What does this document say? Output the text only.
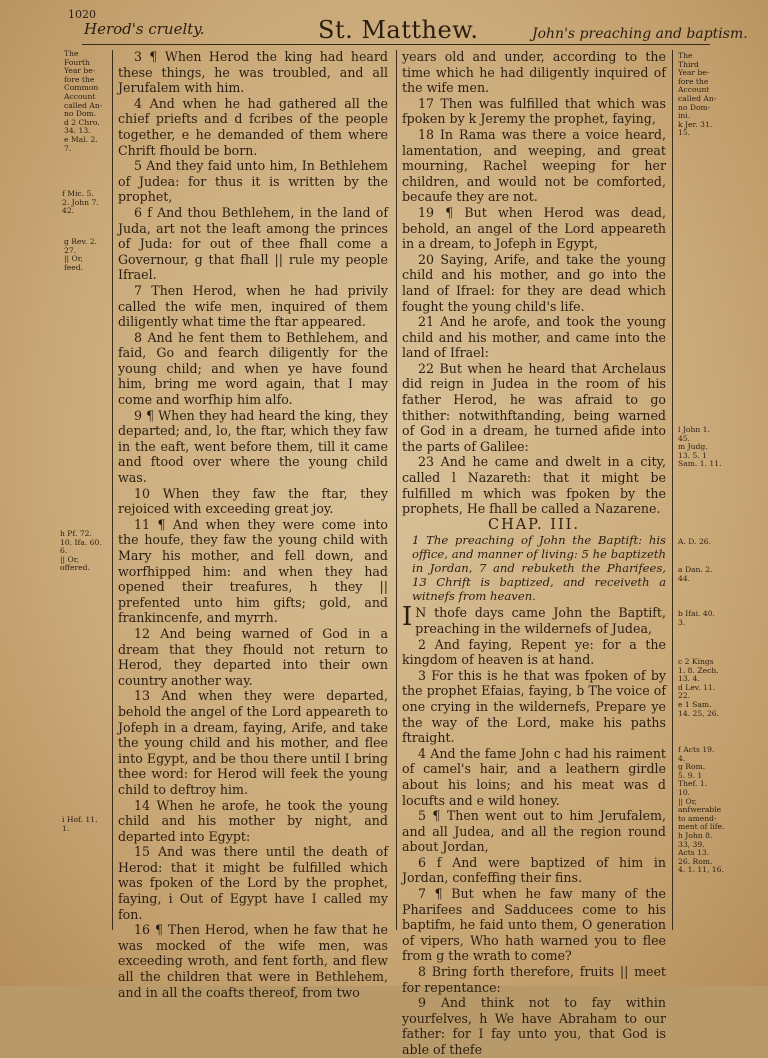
1020
Herod's cruelty.	St. Matthew.	John's preaching and baptism.
The
Fourth
Year be-
fore the
Common
Account
called An-
no Dom.
d 2 Chro.
34. 13.
e Mal. 2.
7.
f Mic. 5.
2. John 7.
42.
g Rev. 2.
27.
|| Or,
feed.
h Pf. 72.
10. Ifa. 60.
6.
|| Or,
offered.
i Hof. 11.
1.
The
Third
Year be-
fore the
Account
called An-
no Dom-
ini.
k Jer. 31.
15.
l John 1.
45.
m Judg.
13. 5. 1
Sam. 1. 11.
A. D. 26.
a Dan. 2.
44.
b Ifai. 40.
3.
c 2 Kings
1. 8. Zech.
13. 4.
d Lev. 11.
22.
e 1 Sam.
14. 25, 26.
f Acts 19.
4.
g Rom.
5. 9. 1
Thef. 1.
10.
|| Or,
anfwerable
to amend-
ment of life.
h John 8.
33, 39.
Acts 13.
26. Rom.
4. 1. 11, 16.

3 ¶ When Herod the king had heard these things, he was troubled, and all Jerufalem with him.

4 And when he had gathered all the chief priefts and d fcribes of the people together, e he demanded of them where Chrift fhould be born.

5 And they faid unto him, In Bethlehem of Judea: for thus it is written by the prophet,

6 f And thou Bethlehem, in the land of Juda, art not the leaft among the princes of Juda: for out of thee fhall come a Governour, g that fhall || rule my people Ifrael.

7 Then Herod, when he had privily called the wife men, inquired of them diligently what time the ftar appeared.

8 And he fent them to Bethlehem, and faid, Go and fearch diligently for the young child; and when ye have found him, bring me word again, that I may come and worfhip him alfo.

9 ¶ When they had heard the king, they departed; and, lo, the ftar, which they faw in the eaft, went before them, till it came and ftood over where the young child was.

10 When they faw the ftar, they rejoiced with exceeding great joy.

11 ¶ And when they were come into the houfe, they faw the young child with Mary his mother, and fell down, and worfhipped him: and when they had opened their treafures, h they || prefented unto him gifts; gold, and frankincenfe, and myrrh.

12 And being warned of God in a dream that they fhould not return to Herod, they departed into their own country another way.

13 And when they were departed, behold the angel of the Lord appeareth to Jofeph in a dream, faying, Arife, and take the young child and his mother, and flee into Egypt, and be thou there until I bring thee word: for Herod will feek the young child to deftroy him.

14 When he arofe, he took the young child and his mother by night, and departed into Egypt:

15 And was there until the death of Herod: that it might be fulfilled which was fpoken of the Lord by the prophet, faying, i Out of Egypt have I called my fon.

16 ¶ Then Herod, when he faw that he was mocked of the wife men, was exceeding wroth, and fent forth, and flew all the children that were in Bethlehem, and in all the coafts thereof, from two

years old and under, according to the time which he had diligently inquired of the wife men.

17 Then was fulfilled that which was fpoken by k Jeremy the prophet, faying,

18 In Rama was there a voice heard, lamentation, and weeping, and great mourning, Rachel weeping for her children, and would not be comforted, becaufe they are not.

19 ¶ But when Herod was dead, behold, an angel of the Lord appeareth in a dream, to Jofeph in Egypt,

20 Saying, Arife, and take the young child and his mother, and go into the land of Ifrael: for they are dead which fought the young child's life.

21 And he arofe, and took the young child and his mother, and came into the land of Ifrael:

22 But when he heard that Archelaus did reign in Judea in the room of his father Herod, he was afraid to go thither: notwithftanding, being warned of God in a dream, he turned afide into the parts of Galilee:

23 And he came and dwelt in a city, called l Nazareth: that it might be fulfilled m which was fpoken by the prophets, He fhall be called a Nazarene.

CHAP. III.

1 The preaching of John the Baptift: his office, and manner of living: 5 he baptizeth in Jordan, 7 and rebuketh the Pharifees, 13 Chrift is baptized, and receiveth a witnefs from heaven.

IN thofe days came John the Baptift, preaching in the wildernefs of Judea,

2 And faying, Repent ye: for a the kingdom of heaven is at hand.

3 For this is he that was fpoken of by the prophet Efaias, faying, b The voice of one crying in the wildernefs, Prepare ye the way of the Lord, make his paths ftraight.

4 And the fame John c had his raiment of camel's hair, and a leathern girdle about his loins; and his meat was d locufts and e wild honey.

5 ¶ Then went out to him Jerufalem, and all Judea, and all the region round about Jordan,

6 f And were baptized of him in Jordan, confeffing their fins.

7 ¶ But when he faw many of the Pharifees and Sadducees come to his baptifm, he faid unto them, O generation of vipers, Who hath warned you to flee from g the wrath to come?

8 Bring forth therefore, fruits || meet for repentance:

9 And think not to fay within yourfelves, h We have Abraham to our father: for I fay unto you, that God is able of thefe
